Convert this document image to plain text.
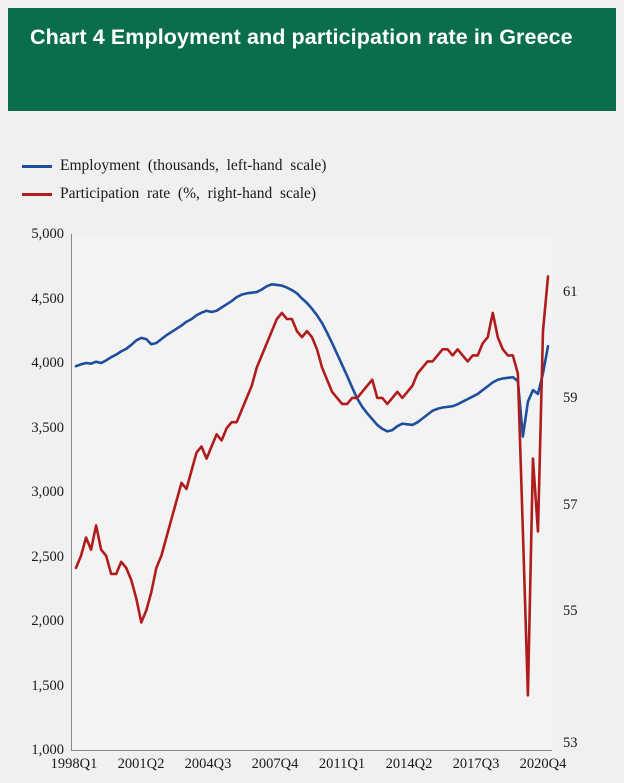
Chart 4 Employment and participation rate in Greece
Employment  (thousands,  left-hand  scale)
Participation  rate  (%,  right-hand  scale)
5,000
4,500
4,000
3,500
3,000
2,500
2,000
1,500
1,000
61
59
57
55
53
1998Q1	2001Q2	2004Q3	2007Q4	2011Q1	2014Q2	2017Q3	2020Q4
